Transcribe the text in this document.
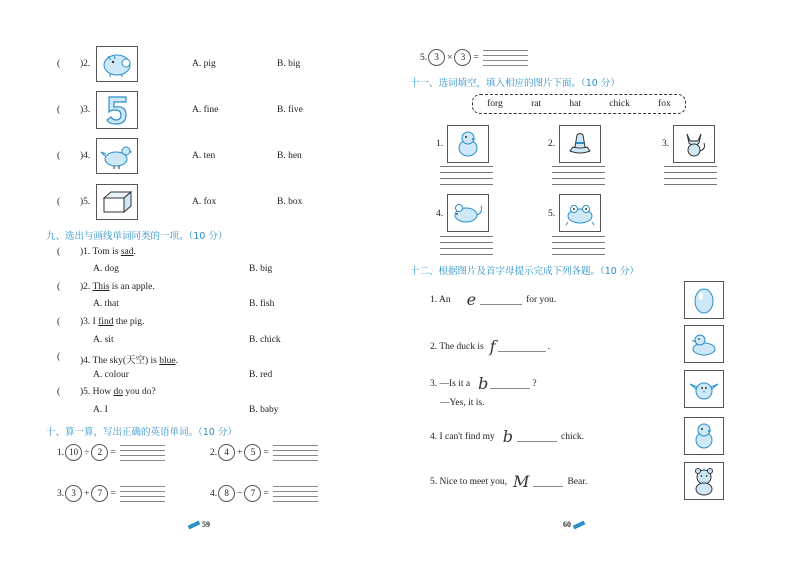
( )2.	A. pig	B. big
( )3.	A. fine	B. five
( )4.	A. ten	B. hen
( )5.	A. fox	B. box
九、选出与画线单词同类的一项。（10 分）
( )1. Tom is sad.
A. dog	B. big
( )2. This is an apple.
A. that	B. fish
( )3. I find the pig.
A. sit	B. chick
( )4. The sky(天空) is blue.
A. colour	B. red
( )5. How do you do?
A. I	B. baby
十、算一算，写出正确的英语单词。（10 分）
1. 10 ÷ 2 =	2. 4 + 5 =
3. 3 + 7 =	4. 8 − 7 =
59
5. 3 × 3 =
十一、选词填空，填入相应的图片下面。（10 分）
forg	rat	hat	chick	fox
1.	2.	3.
4.	5.
十二、根据图片及首字母提示完成下列各题。（10 分）
1. An e	for you.
2. The duck is f	.
3. —Is it a b	?
—Yes, it is.
4. I can't find my b	chick.
5. Nice to meet you, M	Bear.
60
